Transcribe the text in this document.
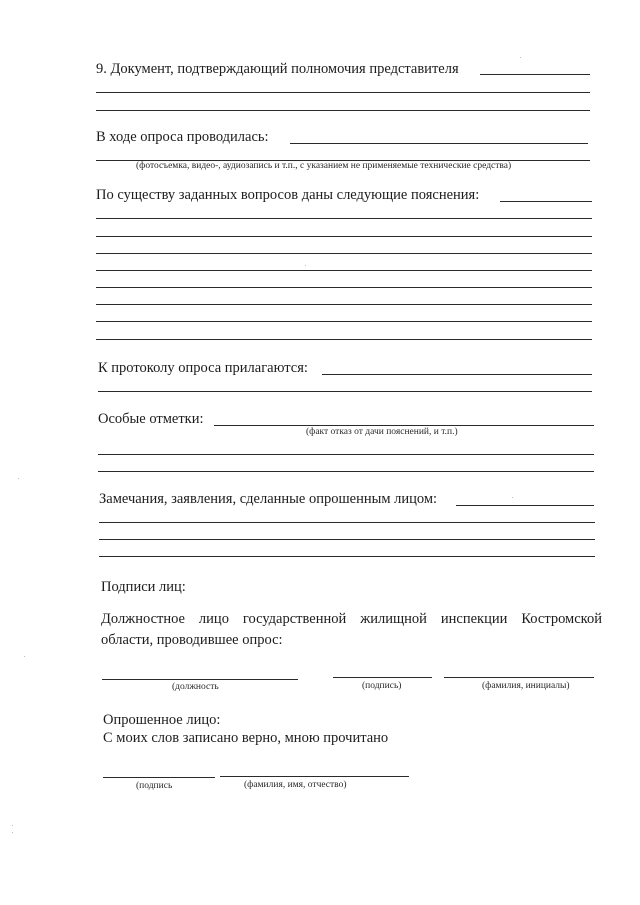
9. Документ, подтверждающий полномочия представителя
В ходе опроса проводилась:
(фотосъемка, видео-, аудиозапись и т.п., с указанием не применяемые технические средства)
По существу заданных вопросов даны следующие пояснения:
К протоколу опроса прилагаются:
Особые отметки:
(факт отказ от дачи пояснений, и т.п.)
Замечания, заявления, сделанные опрошенным лицом:
Подписи лиц:
Должностное лицо государственной жилищной инспекции Костромской
области, проводившее опрос:
(должность	(подпись)	(фамилия, инициалы)
Опрошенное лицо:
С моих слов записано верно, мною прочитано
(подпись	(фамилия, имя, отчество)
